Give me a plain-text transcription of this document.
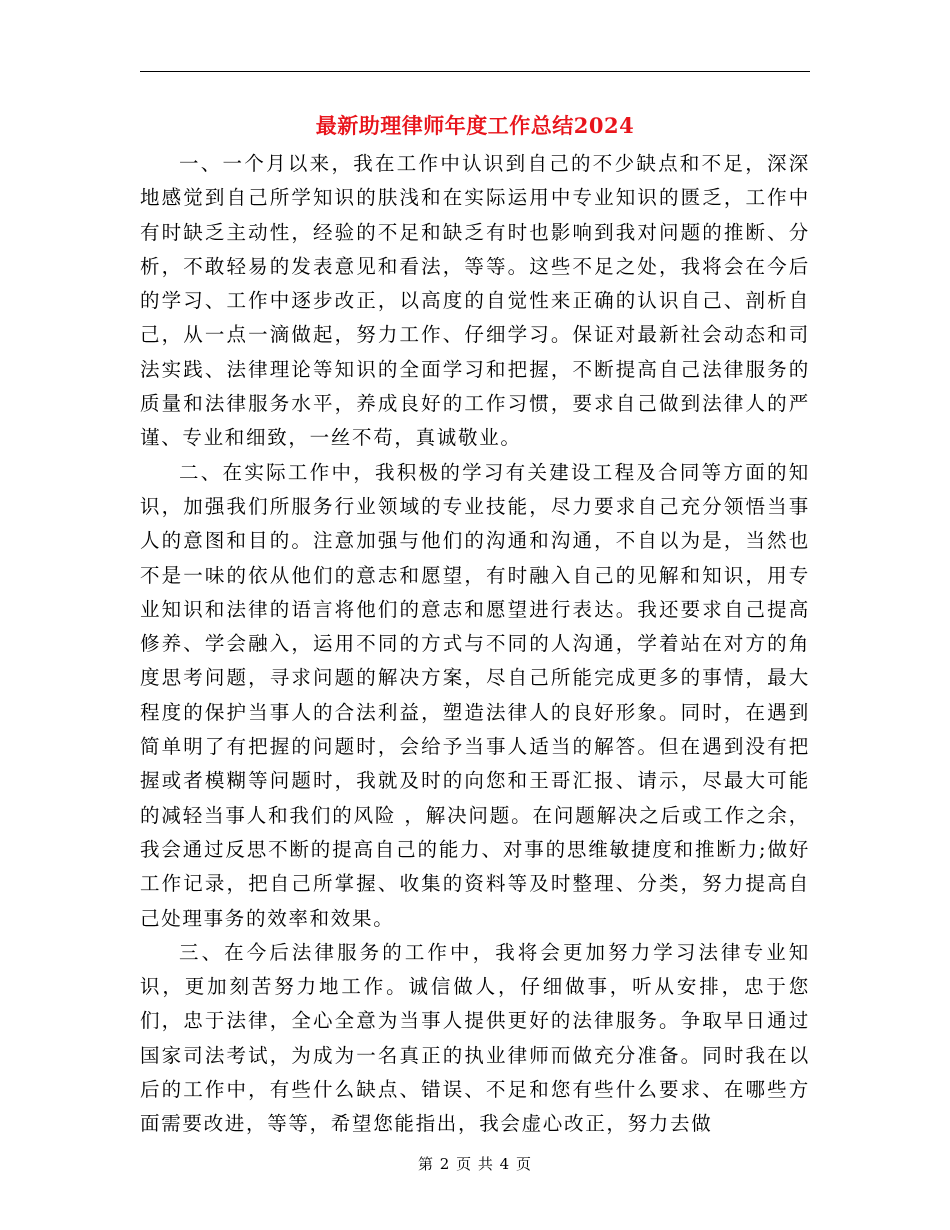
最新助理律师年度工作总结2024

一、一个月以来，我在工作中认识到自己的不少缺点和不足，深深地感觉到自己所学知识的肤浅和在实际运用中专业知识的匮乏，工作中有时缺乏主动性，经验的不足和缺乏有时也影响到我对问题的推断、分析，不敢轻易的发表意见和看法，等等。这些不足之处，我将会在今后的学习、工作中逐步改正，以高度的自觉性来正确的认识自己、剖析自己，从一点一滴做起，努力工作、仔细学习。保证对最新社会动态和司法实践、法律理论等知识的全面学习和把握，不断提高自己法律服务的质量和法律服务水平，养成良好的工作习惯，要求自己做到法律人的严谨、专业和细致，一丝不苟，真诚敬业。

二、在实际工作中，我积极的学习有关建设工程及合同等方面的知识，加强我们所服务行业领域的专业技能，尽力要求自己充分领悟当事人的意图和目的。注意加强与他们的沟通和沟通，不自以为是，当然也不是一味的依从他们的意志和愿望，有时融入自己的见解和知识，用专业知识和法律的语言将他们的意志和愿望进行表达。我还要求自己提高修养、学会融入，运用不同的方式与不同的人沟通，学着站在对方的角度思考问题，寻求问题的解决方案，尽自己所能完成更多的事情，最大程度的保护当事人的合法利益，塑造法律人的良好形象。同时，在遇到简单明了有把握的问题时，会给予当事人适当的解答。但在遇到没有把握或者模糊等问题时，我就及时的向您和王哥汇报、请示，尽最大可能的减轻当事人和我们的风险 ，解决问题。在问题解决之后或工作之余，我会通过反思不断的提高自己的能力、对事的思维敏捷度和推断力;做好工作记录，把自己所掌握、收集的资料等及时整理、分类，努力提高自己处理事务的效率和效果。

三、在今后法律服务的工作中，我将会更加努力学习法律专业知识，更加刻苦努力地工作。诚信做人，仔细做事，听从安排，忠于您们，忠于法律，全心全意为当事人提供更好的法律服务。争取早日通过国家司法考试，为成为一名真正的执业律师而做充分准备。同时我在以后的工作中，有些什么缺点、错误、不足和您有些什么要求、在哪些方面需要改进，等等，希望您能指出，我会虚心改正，努力去做

第 2 页 共 4 页
